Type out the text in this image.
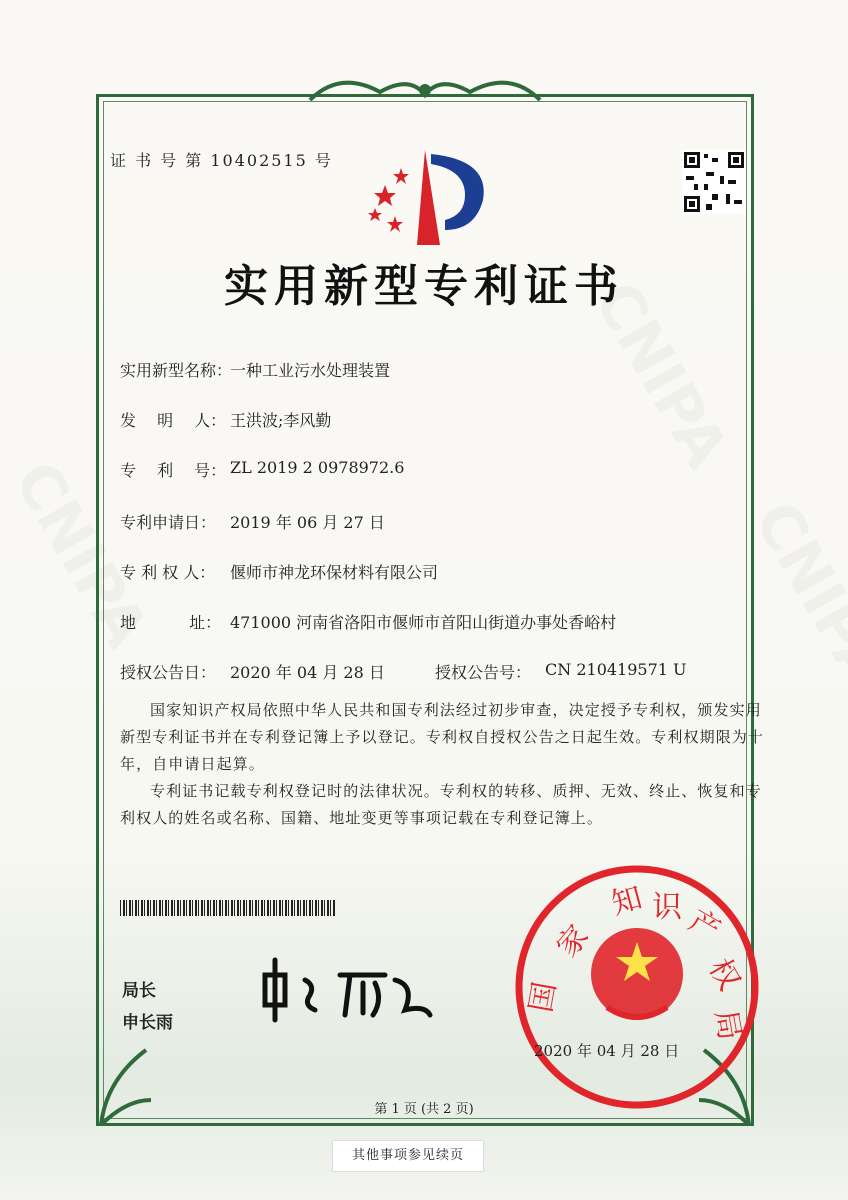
证 书 号 第 10402515 号
实用新型专利证书
实用新型名称：
一种工业污水处理装置
发　 明　 人： 王洪波;李风勤
专　 利　 号： ZL 2019 2 0978972.6
专利申请日： 2019 年 06 月 27 日
专 利 权 人： 偃师市神龙环保材料有限公司
地　　　 址： 471000 河南省洛阳市偃师市首阳山街道办事处香峪村
授权公告日： 2020 年 04 月 28 日	授权公告号： CN 210419571 U
国家知识产权局依照中华人民共和国专利法经过初步审查，决定授予专利权，颁发实用新型专利证书并在专利登记簿上予以登记。专利权自授权公告之日起生效。专利权期限为十年，自申请日起算。
专利证书记载专利权登记时的法律状况。专利权的转移、质押、无效、终止、恢复和专利权人的姓名或名称、国籍、地址变更等事项记载在专利登记簿上。
局长
申长雨
家
识
知
产
权
局
国
2020 年 04 月 28 日
第 1 页 (共 2 页)
其他事项参见续页
